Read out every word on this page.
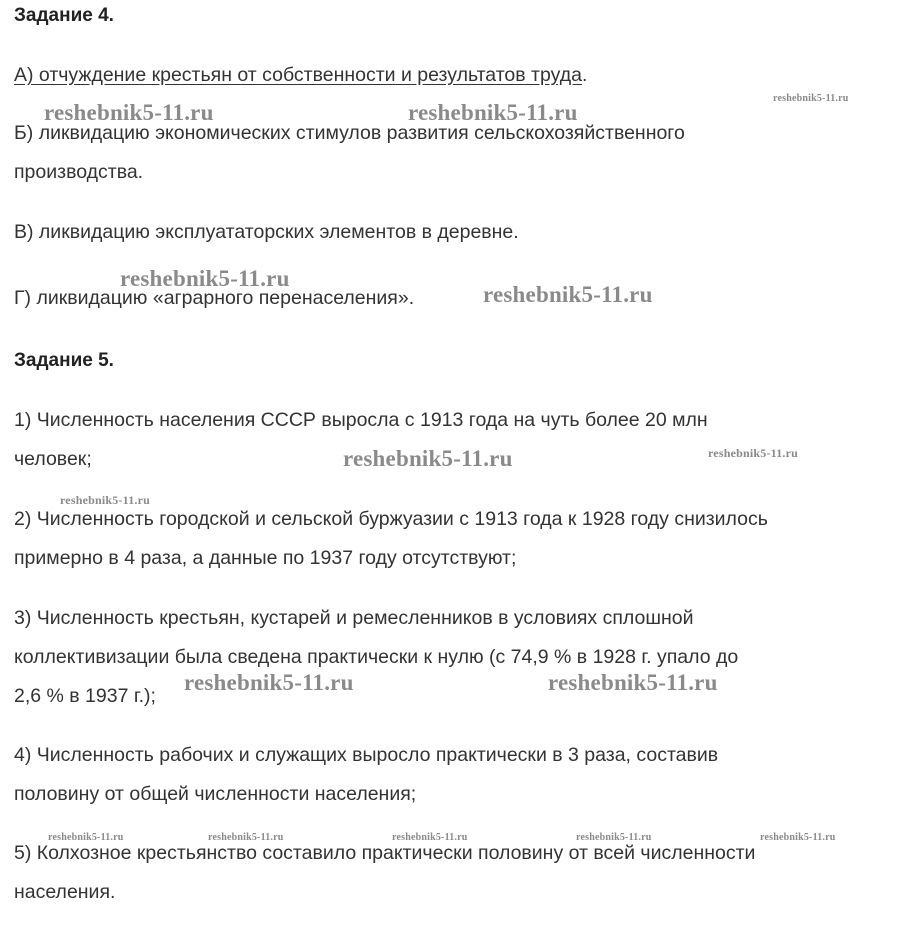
Задание 4.

А) отчуждение крестьян от собственности и результатов труда.

Б) ликвидацию экономических стимулов развития сельскохозяйственного
производства.

В) ликвидацию эксплуататорских элементов в деревне.

Г) ликвидацию «аграрного перенаселения».

Задание 5.

1) Численность населения СССР выросла с 1913 года на чуть более 20 млн
человек;

2) Численность городской и сельской буржуазии с 1913 года к 1928 году снизилось
примерно в 4 раза, а данные по 1937 году отсутствуют;

3) Численность крестьян, кустарей и ремесленников в условиях сплошной
коллективизации была сведена практически к нулю (с 74,9 % в 1928 г. упало до
2,6 % в 1937 г.);

4) Численность рабочих и служащих выросло практически в 3 раза, составив
половину от общей численности населения;

5) Колхозное крестьянство составило практически половину от всей численности
населения.

reshebnik5-11.ru	reshebnik5-11.ru
reshebnik5-11.ru
reshebnik5-11.ru
reshebnik5-11.ru
reshebnik5-11.ru	reshebnik5-11.ru
reshebnik5-11.ru
reshebnik5-11.ru	reshebnik5-11.ru
reshebnik5-11.ru	reshebnik5-11.ru	reshebnik5-11.ru	reshebnik5-11.ru	reshebnik5-11.ru
